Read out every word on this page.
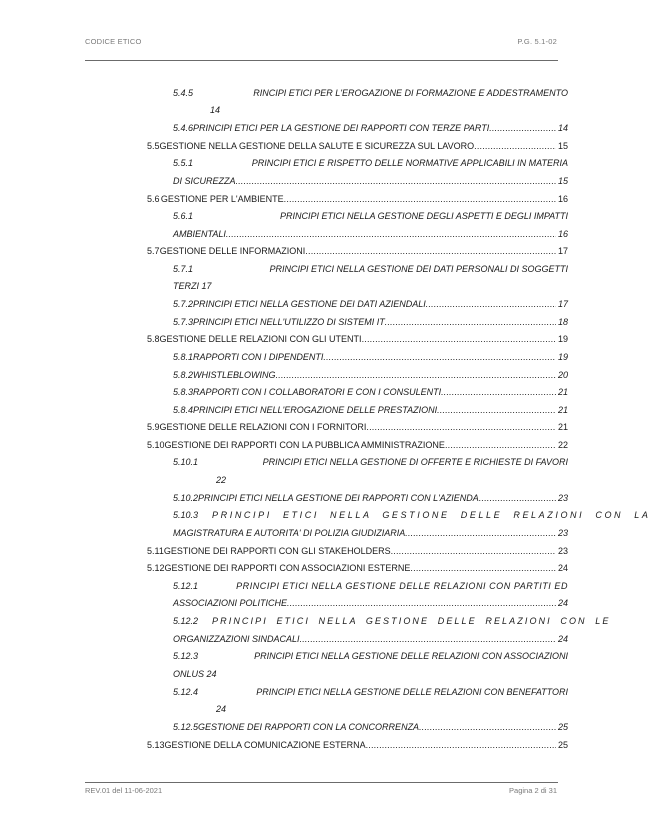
CODICE ETICO	P.G. 5.1-02
5.4.5	RINCIPI ETICI PER L'EROGAZIONE DI FORMAZIONE E ADDESTRAMENTO
14
5.4.6 PRINCIPI ETICI PER LA GESTIONE DEI RAPPORTI CON TERZE PARTI .....	14
5.5 GESTIONE NELLA GESTIONE DELLA SALUTE E SICUREZZA SUL LAVORO .....	15
5.5.1	PRINCIPI ETICI E RISPETTO DELLE NORMATIVE APPLICABILI IN MATERIA
DI SICUREZZA .....	15
5.6 GESTIONE PER L'AMBIENTE .....	16
5.6.1	PRINCIPI ETICI NELLA GESTIONE DEGLI ASPETTI E DEGLI IMPATTI
AMBIENTALI .....	16
5.7 GESTIONE DELLE INFORMAZIONI .....	17
5.7.1	PRINCIPI ETICI NELLA GESTIONE DEI DATI PERSONALI DI SOGGETTI
TERZI 17
5.7.2 PRINCIPI ETICI NELLA GESTIONE DEI DATI AZIENDALI .....	17
5.7.3 PRINCIPI ETICI NELL'UTILIZZO DI SISTEMI IT .....	18
5.8 GESTIONE DELLE RELAZIONI CON GLI UTENTI .....	19
5.8.1 RAPPORTI CON I DIPENDENTI .....	19
5.8.2 WHISTLEBLOWING .....	20
5.8.3 RAPPORTI CON I COLLABORATORI E CON I CONSULENTI .....	21
5.8.4 PRINCIPI ETICI NELL'EROGAZIONE DELLE PRESTAZIONI .....	21
5.9 GESTIONE DELLE RELAZIONI CON I FORNITORI .....	21
5.10 GESTIONE DEI RAPPORTI CON LA PUBBLICA AMMINISTRAZIONE .....	22
5.10.1	PRINCIPI ETICI NELLA GESTIONE DI OFFERTE E RICHIESTE DI FAVORI
22
5.10.2 PRINCIPI ETICI NELLA GESTIONE DEI RAPPORTI CON L'AZIENDA .....	23
5.10.3 PRINCIPI ETICI NELLA GESTIONE DELLE RELAZIONI CON LA
MAGISTRATURA E AUTORITA' DI POLIZIA GIUDIZIARIA .....	23
5.11 GESTIONE DEI RAPPORTI CON GLI STAKEHOLDERS .....	23
5.12 GESTIONE DEI RAPPORTI CON ASSOCIAZIONI ESTERNE .....	24
5.12.1	PRINCIPI ETICI NELLA GESTIONE DELLE RELAZIONI CON PARTITI ED
ASSOCIAZIONI POLITICHE .....	24
5.12.2 PRINCIPI ETICI NELLA GESTIONE DELLE RELAZIONI CON LE
ORGANIZZAZIONI SINDACALI .....	24
5.12.3	PRINCIPI ETICI NELLA GESTIONE DELLE RELAZIONI CON ASSOCIAZIONI
ONLUS 24
5.12.4	PRINCIPI ETICI NELLA GESTIONE DELLE RELAZIONI CON BENEFATTORI
24
5.12.5 GESTIONE DEI RAPPORTI CON LA CONCORRENZA .....	25
5.13 GESTIONE DELLA COMUNICAZIONE ESTERNA .....	25
REV.01 del 11-06-2021	Pagina 2 di 31
